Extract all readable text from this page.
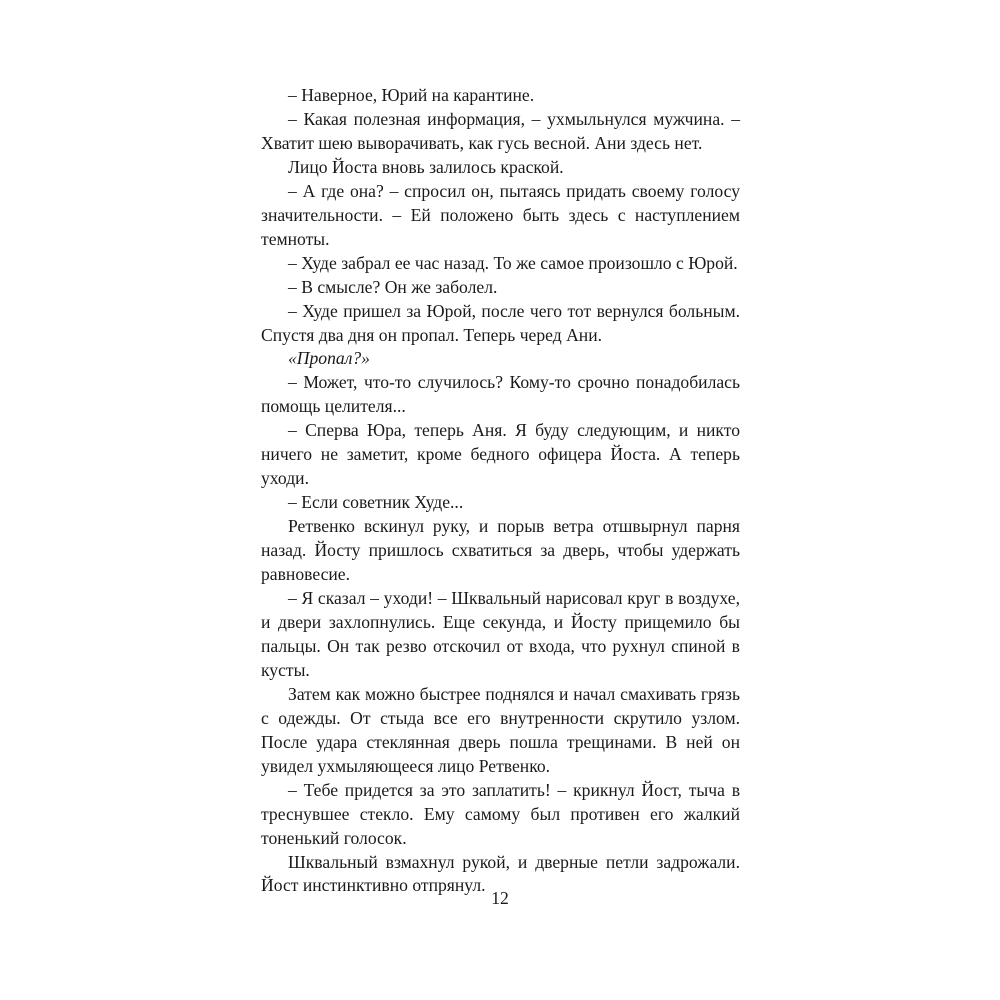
– Наверное, Юрий на карантине.

– Какая полезная информация, – ухмыльнулся мужчина. – Хватит шею выворачивать, как гусь весной. Ани здесь нет.

Лицо Йоста вновь залилось краской.

– А где она? – спросил он, пытаясь придать своему голосу значительности. – Ей положено быть здесь с наступлением темноты.

– Худе забрал ее час назад. То же самое произошло с Юрой.

– В смысле? Он же заболел.

– Худе пришел за Юрой, после чего тот вернулся больным. Спустя два дня он пропал. Теперь черед Ани.

«Пропал?»

– Может, что-то случилось? Кому-то срочно понадобилась помощь целителя...

– Сперва Юра, теперь Аня. Я буду следующим, и никто ничего не заметит, кроме бедного офицера Йоста. А теперь уходи.

– Если советник Худе...

Ретвенко вскинул руку, и порыв ветра отшвырнул парня назад. Йосту пришлось схватиться за дверь, чтобы удержать равновесие.

– Я сказал – уходи! – Шквальный нарисовал круг в воздухе, и двери захлопнулись. Еще секунда, и Йосту прищемило бы пальцы. Он так резво отскочил от входа, что рухнул спиной в кусты.

Затем как можно быстрее поднялся и начал смахивать грязь с одежды. От стыда все его внутренности скрутило узлом. После удара стеклянная дверь пошла трещинами. В ней он увидел ухмыляющееся лицо Ретвенко.

– Тебе придется за это заплатить! – крикнул Йост, тыча в треснувшее стекло. Ему самому был противен его жалкий тоненький голосок.

Шквальный взмахнул рукой, и дверные петли задрожали. Йост инстинктивно отпрянул.

12
